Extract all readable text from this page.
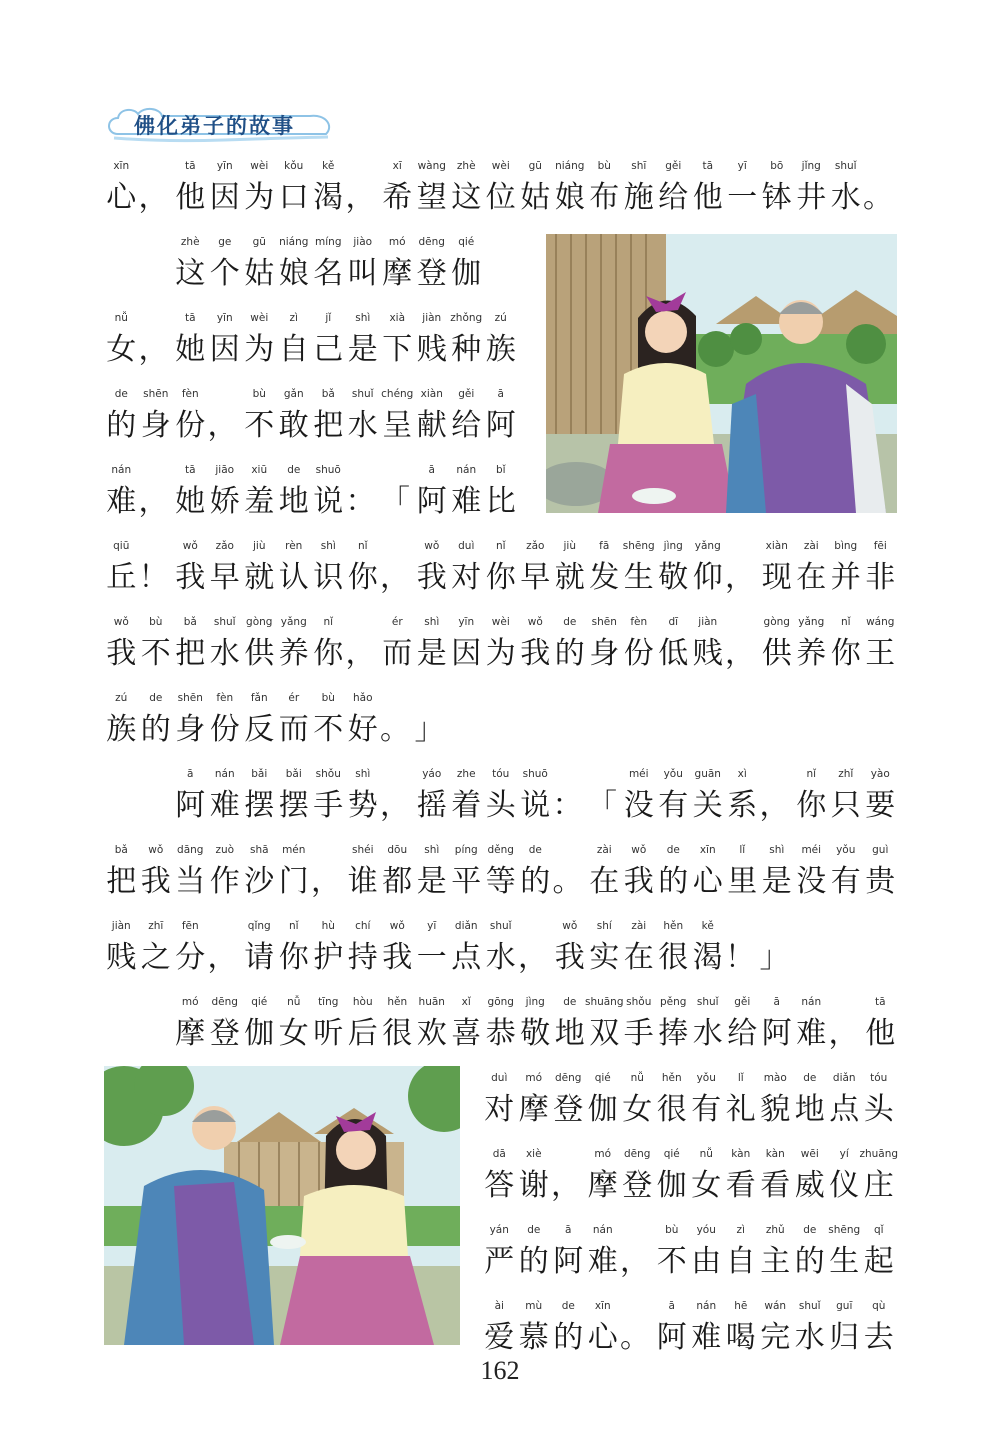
佛化弟子的故事
xīn
心 ，
tā
他
yīn
因
wèi
为
kǒu
口
kě
渴 ，
xī
希
wàng
望
zhè
这
wèi
位
gū
姑
niáng
娘
bù
布
shī
施
gěi
给
tā
他
yī
一
bō
钵
jǐng
井
shuǐ
水 。
zhè
这
ge
个
gū
姑
niáng
娘
míng
名
jiào
叫
mó
摩
dēng
登
qié
伽
nǚ
女 ，
tā
她
yīn
因
wèi
为
zì
自
jǐ
己
shì
是
xià
下
jiàn
贱
zhǒng
种
zú
族
de
的
shēn
身
fèn
份 ，
bù
不
gǎn
敢
bǎ
把
shuǐ
水
chéng
呈
xiàn
献
gěi
给
ā
阿
nán
难 ，
tā
她
jiāo
娇
xiū
羞
de
地
shuō
说 ： 「
ā
阿
nán
难
bǐ
比
qiū
丘 ！
wǒ
我
zǎo
早
jiù
就
rèn
认
shì
识
nǐ
你 ，
wǒ
我
duì
对
nǐ
你
zǎo
早
jiù
就
fā
发
shēng
生
jìng
敬
yǎng
仰 ，
xiàn
现
zài
在
bìng
并
fēi
非
wǒ
我
bù
不
bǎ
把
shuǐ
水
gòng
供
yǎng
养
nǐ
你 ，
ér
而
shì
是
yīn
因
wèi
为
wǒ
我
de
的
shēn
身
fèn
份
dī
低
jiàn
贱 ，
gòng
供
yǎng
养
nǐ
你
wáng
王
zú
族
de
的
shēn
身
fèn
份
fǎn
反
ér
而
bù
不
hǎo
好 。 」
ā
阿
nán
难
bǎi
摆
bǎi
摆
shǒu
手
shì
势 ，
yáo
摇
zhe
着
tóu
头
shuō
说 ： 「
méi
没
yǒu
有
guān
关
xì
系 ，
nǐ
你
zhǐ
只
yào
要
bǎ
把
wǒ
我
dāng
当
zuò
作
shā
沙
mén
门 ，
shéi
谁
dōu
都
shì
是
píng
平
děng
等
de
的 。
zài
在
wǒ
我
de
的
xīn
心
lǐ
里
shì
是
méi
没
yǒu
有
guì
贵
jiàn
贱
zhī
之
fēn
分 ，
qǐng
请
nǐ
你
hù
护
chí
持
wǒ
我
yī
一
diǎn
点
shuǐ
水 ，
wǒ
我
shí
实
zài
在
hěn
很
kě
渴 ！ 」
mó
摩
dēng
登
qié
伽
nǚ
女
tīng
听
hòu
后
hěn
很
huān
欢
xǐ
喜
gōng
恭
jìng
敬
de
地
shuāng
双
shǒu
手
pěng
捧
shuǐ
水
gěi
给
ā
阿
nán
难 ，
tā
他
duì
对
mó
摩
dēng
登
qié
伽
nǚ
女
hěn
很
yǒu
有
lǐ
礼
mào
貌
de
地
diǎn
点
tóu
头
dā
答
xiè
谢 ，
mó
摩
dēng
登
qié
伽
nǚ
女
kàn
看
kàn
看
wēi
威
yí
仪
zhuāng
庄
yán
严
de
的
ā
阿
nán
难 ，
bù
不
yóu
由
zì
自
zhǔ
主
de
的
shēng
生
qǐ
起
ài
爱
mù
慕
de
的
xīn
心 。
ā
阿
nán
难
hē
喝
wán
完
shuǐ
水
guī
归
qù
去
162
